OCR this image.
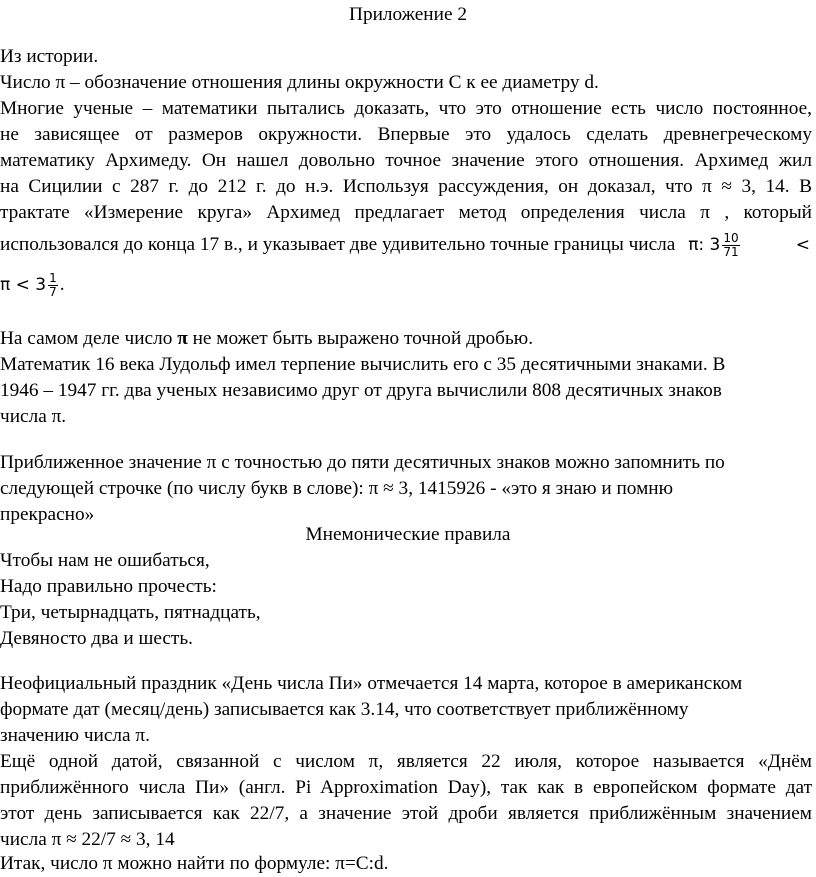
Приложение 2
Из истории.
Число π – обозначение отношения длины окружности С к ее диаметру d.
Многие ученые – математики пытались доказать, что это отношение есть число постоянное,
не зависящее от размеров окружности. Впервые это удалось сделать древнегреческому
математику Архимеду. Он нашел довольно точное значение этого отношения. Архимед жил
на Сицилии с 287 г. до 212 г. до н.э. Используя рассуждения, он доказал, что π ≈ 3, 14. В
трактате «Измерение круга» Архимед предлагает метод определения числа π , который
использовался до конца 17 в., и указывает две удивительно точные границы числа π: $3 \frac{10}{71}$	<
$\pi < 3 \frac{1}{7}$ .
На самом деле число π не может быть выражено точной дробью.
Математик 16 века Лудольф имел терпение вычислить его с 35 десятичными знаками. В
1946 – 1947 гг. два ученых независимо друг от друга вычислили 808 десятичных знаков
числа π.
Приближенное значение π с точностью до пяти десятичных знаков можно запомнить по
следующей строчке (по числу букв в слове): π ≈ 3, 1415926 - «это я знаю и помню
прекрасно»
Мнемонические правила
Чтобы нам не ошибаться,
Надо правильно прочесть:
Три, четырнадцать, пятнадцать,
Девяносто два и шесть.
Неофициальный праздник «День числа Пи» отмечается 14 марта, которое в американском
формате дат (месяц/день) записывается как 3.14, что соответствует приближённому
значению числа π.
Ещё одной датой, связанной с числом π, является 22 июля, которое называется «Днём
приближённого числа Пи» (англ. Pi Approximation Day), так как в европейском формате дат
этот день записывается как 22/7, а значение этой дроби является приближённым значением
числа π ≈ 22/7 ≈ 3, 14
Итак, число π можно найти по формуле: π=С:d.
